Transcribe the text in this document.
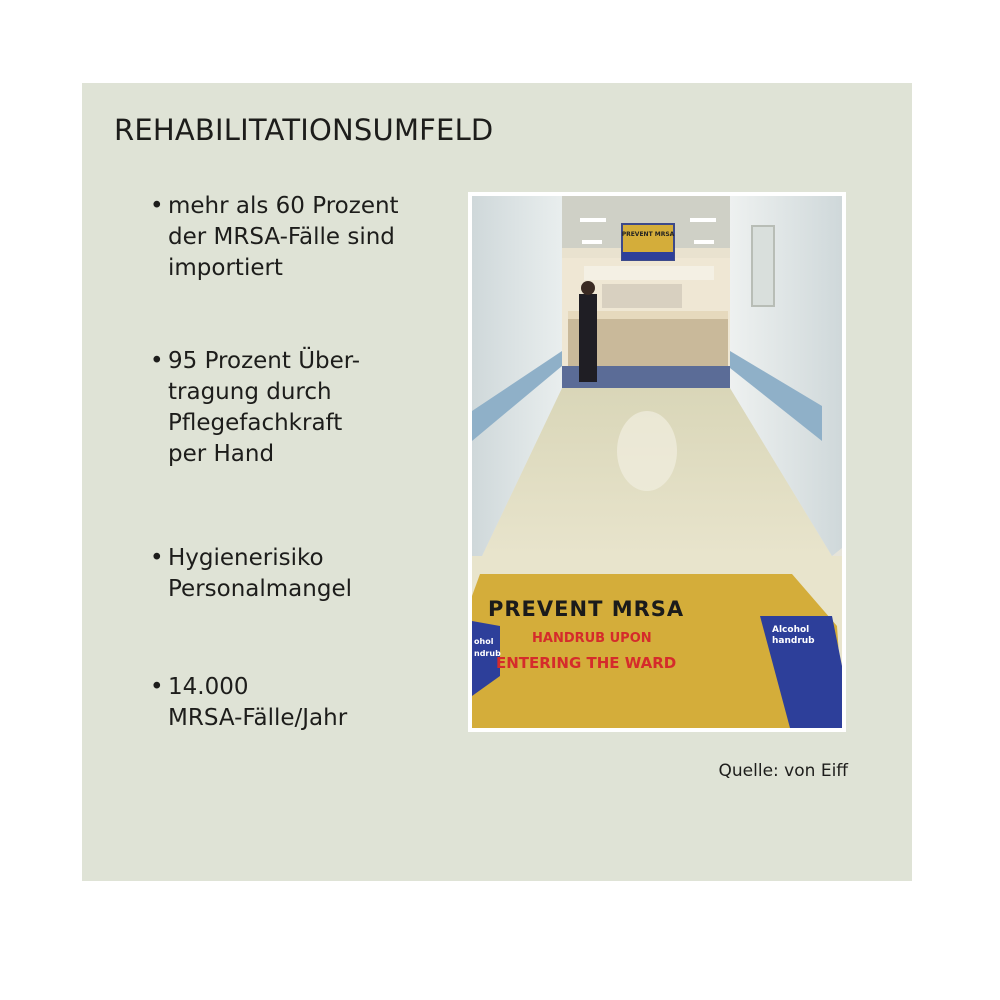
REHABILITATIONSUMFELD
• mehr als 60 Prozent
der MRSA-Fälle sind
importiert
• 95 Prozent Über-
tragung durch
Pflegefachkraft
per Hand
• Hygienerisiko
Personalmangel
• 14.000
MRSA-Fälle/Jahr
PREVENT MRSA
ohol
ndrub
Alcohol
handrub
PREVENT MRSA
HANDRUB UPON
ENTERING THE WARD
Quelle: von Eiff
